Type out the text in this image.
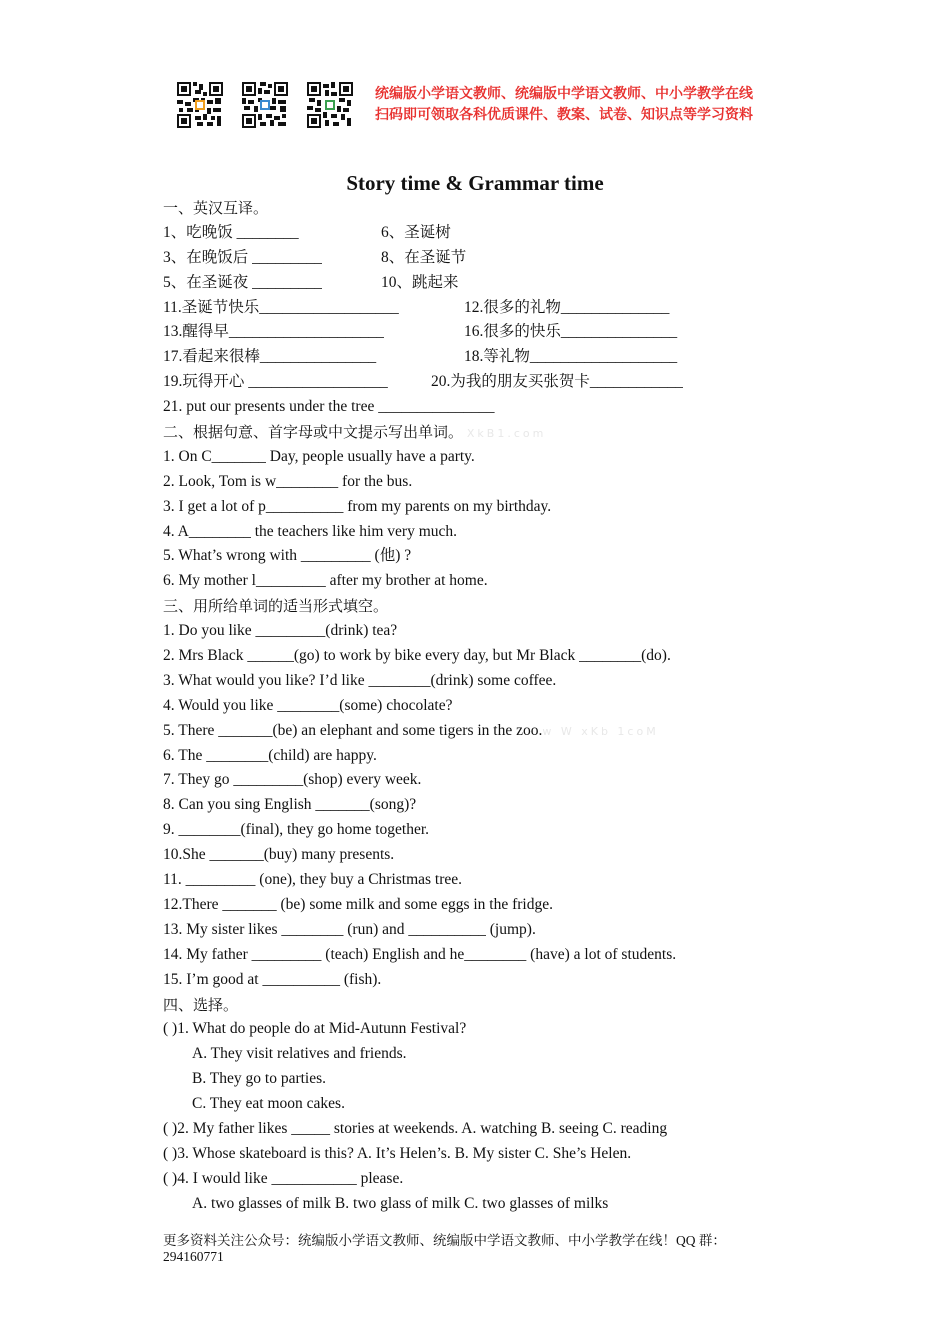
统编版小学语文教师、统编版中学语文教师、中小学教学在线
扫码即可领取各科优质课件、教案、试卷、知识点等学习资料
Story time & Grammar time
一、英汉互译。
1、吃晚饭 ________	6、圣诞树
3、在晚饭后 _________	8、在圣诞节
5、在圣诞夜 _________	10、跳起来
11.圣诞节快乐__________________	12.很多的礼物______________
13.醒得早____________________	16.很多的快乐_______________
17.看起来很棒_______________	18.等礼物___________________
19.玩得开心 __________________	20.为我的朋友买张贺卡____________
21. put our presents under the tree _______________
二、根据句意、首字母或中文提示写出单词。 XkB1.com
1. On C_______ Day, people usually have a party.
2. Look, Tom is w________ for the bus.
3. I get a lot of p__________ from my parents on my birthday.
4. A________ the teachers like him very much.
5. What’s wrong with _________ (他) ?
6. My mother l_________ after my brother at home.
三、用所给单词的适当形式填空。
1. Do you like _________(drink) tea?
2. Mrs Black ______(go) to work by bike every day, but Mr Black ________(do).
3. What would you like? I’d like ________(drink) some coffee.
4. Would you like ________(some) chocolate?
5. There _______(be) an elephant and some tigers in the zoo.w W xKb 1coM
6. The ________(child) are happy.
7. They go _________(shop) every week.
8. Can you sing English _______(song)?
9. ________(final), they go home together.
10.She _______(buy) many presents.
11. _________ (one), they buy a Christmas tree.
12.There _______ (be) some milk and some eggs in the fridge.
13. My sister likes ________ (run) and __________ (jump).
14. My father _________ (teach) English and he________ (have) a lot of students.
15. I’m good at __________ (fish).
四、选择。
( )1. What do people do at Mid-Autunn Festival?
A. They visit relatives and friends.
B. They go to parties.
C. They eat moon cakes.
( )2. My father likes _____ stories at weekends. A. watching B. seeing C. reading
( )3. Whose skateboard is this? A. It’s Helen’s. B. My sister C. She’s Helen.
( )4. I would like ___________ please.
A. two glasses of milk B. two glass of milk C. two glasses of milks
更多资料关注公众号：统编版小学语文教师、统编版中学语文教师、中小学教学在线！QQ 群：
294160771
